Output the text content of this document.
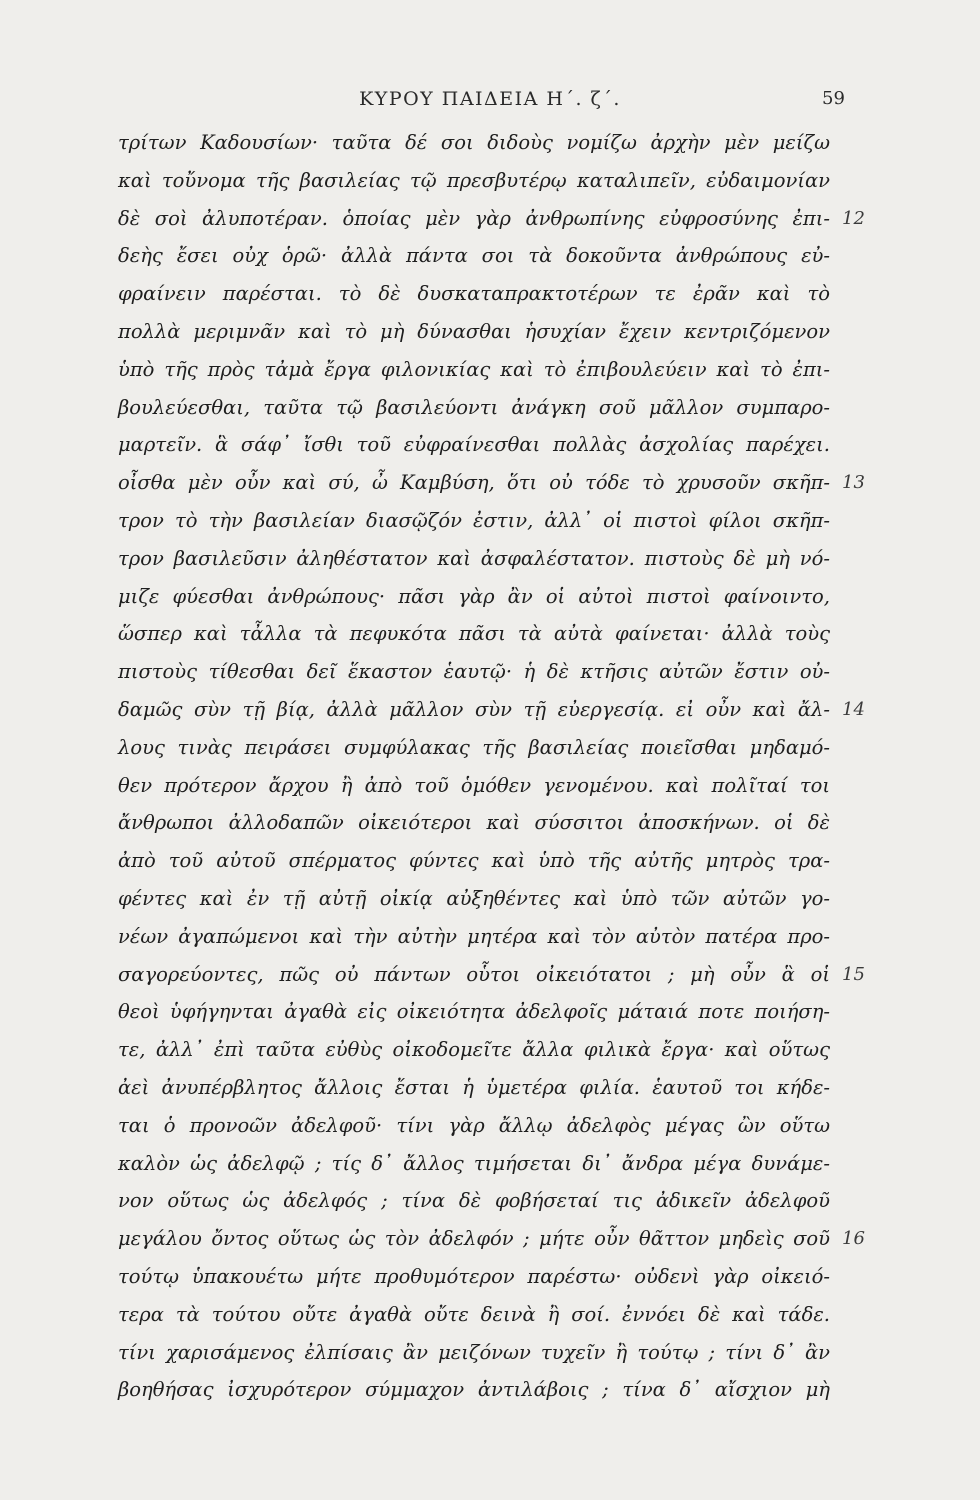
ΚΥΡΟΥ ΠΑΙΔΕΙΑ Η΄. ζ΄.	59
τρίτων Καδουσίων· ταῦτα δέ σοι διδοὺς νομίζω ἀρχὴν μὲν μείζω
καὶ τοὔνομα τῆς βασιλείας τῷ πρεσβυτέρῳ καταλιπεῖν, εὐδαιμονίαν
δὲ σοὶ ἀλυποτέραν. ὁποίας μὲν γὰρ ἀνθρωπίνης εὐφροσύνης ἐπι-
δεὴς ἔσει οὐχ ὁρῶ· ἀλλὰ πάντα σοι τὰ δοκοῦντα ἀνθρώπους εὐ-
φραίνειν παρέσται. τὸ δὲ δυσκαταπρακτοτέρων τε ἐρᾶν καὶ τὸ
πολλὰ μεριμνᾶν καὶ τὸ μὴ δύνασθαι ἡσυχίαν ἔχειν κεντριζόμενον
ὑπὸ τῆς πρὸς τἀμὰ ἔργα φιλονικίας καὶ τὸ ἐπιβουλεύειν καὶ τὸ ἐπι-
βουλεύεσθαι, ταῦτα τῷ βασιλεύοντι ἀνάγκη σοῦ μᾶλλον συμπαρο-
μαρτεῖν. ἃ σάφ᾽ ἴσθι τοῦ εὐφραίνεσθαι πολλὰς ἀσχολίας παρέχει.
οἶσθα μὲν οὖν καὶ σύ, ὦ Καμβύση, ὅτι οὐ τόδε τὸ χρυσοῦν σκῆπ-
τρον τὸ τὴν βασιλείαν διασῷζόν ἐστιν, ἀλλ᾽ οἱ πιστοὶ φίλοι σκῆπ-
τρον βασιλεῦσιν ἀληθέστατον καὶ ἀσφαλέστατον. πιστοὺς δὲ μὴ νό-
μιζε φύεσθαι ἀνθρώπους· πᾶσι γὰρ ἂν οἱ αὐτοὶ πιστοὶ φαίνοιντο,
ὥσπερ καὶ τἆλλα τὰ πεφυκότα πᾶσι τὰ αὐτὰ φαίνεται· ἀλλὰ τοὺς
πιστοὺς τίθεσθαι δεῖ ἕκαστον ἑαυτῷ· ἡ δὲ κτῆσις αὐτῶν ἔστιν οὐ-
δαμῶς σὺν τῇ βίᾳ, ἀλλὰ μᾶλλον σὺν τῇ εὐεργεσίᾳ. εἰ οὖν καὶ ἄλ-
λους τινὰς πειράσει συμφύλακας τῆς βασιλείας ποιεῖσθαι μηδαμό-
θεν πρότερον ἄρχου ἢ ἀπὸ τοῦ ὁμόθεν γενομένου. καὶ πολῖταί τοι
ἄνθρωποι ἀλλοδαπῶν οἰκειότεροι καὶ σύσσιτοι ἀποσκήνων. οἱ δὲ
ἀπὸ τοῦ αὐτοῦ σπέρματος φύντες καὶ ὑπὸ τῆς αὐτῆς μητρὸς τρα-
φέντες καὶ ἐν τῇ αὐτῇ οἰκίᾳ αὐξηθέντες καὶ ὑπὸ τῶν αὐτῶν γο-
νέων ἀγαπώμενοι καὶ τὴν αὐτὴν μητέρα καὶ τὸν αὐτὸν πατέρα προ-
σαγορεύοντες, πῶς οὐ πάντων οὗτοι οἰκειότατοι ; μὴ οὖν ἃ οἱ
θεοὶ ὑφήγηνται ἀγαθὰ εἰς οἰκειότητα ἀδελφοῖς μάταιά ποτε ποιήση-
τε, ἀλλ᾽ ἐπὶ ταῦτα εὐθὺς οἰκοδομεῖτε ἄλλα φιλικὰ ἔργα· καὶ οὕτως
ἀεὶ ἀνυπέρβλητος ἄλλοις ἔσται ἡ ὑμετέρα φιλία. ἑαυτοῦ τοι κήδε-
ται ὁ προνοῶν ἀδελφοῦ· τίνι γὰρ ἄλλῳ ἀδελφὸς μέγας ὢν οὕτω
καλὸν ὡς ἀδελφῷ ; τίς δ᾽ ἄλλος τιμήσεται δι᾽ ἄνδρα μέγα δυνάμε-
νον οὕτως ὡς ἀδελφός ; τίνα δὲ φοβήσεταί τις ἀδικεῖν ἀδελφοῦ
μεγάλου ὄντος οὕτως ὡς τὸν ἀδελφόν ; μήτε οὖν θᾶττον μηδεὶς σοῦ
τούτῳ ὑπακουέτω μήτε προθυμότερον παρέστω· οὐδενὶ γὰρ οἰκειό-
τερα τὰ τούτου οὔτε ἀγαθὰ οὔτε δεινὰ ἢ σοί. ἐννόει δὲ καὶ τάδε.
τίνι χαρισάμενος ἐλπίσαις ἂν μειζόνων τυχεῖν ἢ τούτῳ ; τίνι δ᾽ ἂν
βοηθήσας ἰσχυρότερον σύμμαχον ἀντιλάβοις ; τίνα δ᾽ αἴσχιον μὴ
12
13
14
15
16
